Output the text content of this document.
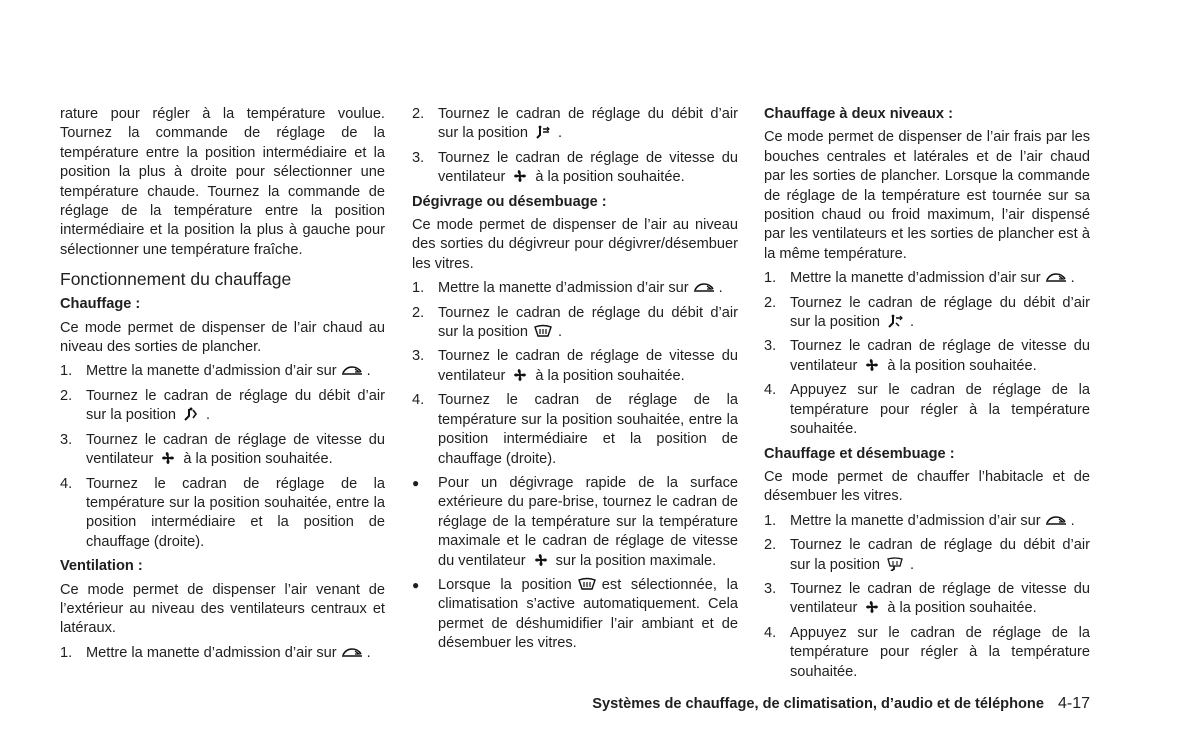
rature pour régler à la température voulue. Tournez la commande de réglage de la température entre la position intermédiaire et la position la plus à droite pour sélectionner une température chaude. Tournez la commande de réglage de la température entre la position intermédiaire et la position la plus à gauche pour sélectionner une température fraîche.

Fonctionnement du chauffage
Chauffage :

Ce mode permet de dispenser de l’air chaud au niveau des sorties de plancher.

1. Mettre la manette d’admission d’air sur .
2. Tournez le cadran de réglage du débit d’air sur la position .
3. Tournez le cadran de réglage de vitesse du ventilateur à la position souhaitée.
4. Tournez le cadran de réglage de la température sur la position souhaitée, entre la position intermédiaire et la position de chauffage (droite).
Ventilation :

Ce mode permet de dispenser l’air venant de l’extérieur au niveau des ventilateurs centraux et latéraux.

1. Mettre la manette d’admission d’air sur .
2. Tournez le cadran de réglage du débit d’air sur la position .
3. Tournez le cadran de réglage de vitesse du ventilateur à la position souhaitée.
Dégivrage ou désembuage :

Ce mode permet de dispenser de l’air au niveau des sorties du dégivreur pour dégivrer/désembuer les vitres.

1. Mettre la manette d’admission d’air sur .
2. Tournez le cadran de réglage du débit d’air sur la position .
3. Tournez le cadran de réglage de vitesse du ventilateur à la position souhaitée.
4. Tournez le cadran de réglage de la température sur la position souhaitée, entre la position intermédiaire et la position de chauffage (droite).
● Pour un dégivrage rapide de la surface extérieure du pare-brise, tournez le cadran de réglage de la température sur la température maximale et le cadran de réglage de vitesse du ventilateur sur la position maximale.
● Lorsque la position est sélectionnée, la climatisation s’active automatiquement. Cela permet de déshumidifier l’air ambiant et de désembuer les vitres.
Chauffage à deux niveaux :

Ce mode permet de dispenser de l’air frais par les bouches centrales et latérales et de l’air chaud par les sorties de plancher. Lorsque la commande de réglage de la température est tournée sur sa position chaud ou froid maximum, l’air dispensé par les ventilateurs et les sorties de plancher est à la même température.

1. Mettre la manette d’admission d’air sur .
2. Tournez le cadran de réglage du débit d’air sur la position .
3. Tournez le cadran de réglage de vitesse du ventilateur à la position souhaitée.
4. Appuyez sur le cadran de réglage de la température pour régler à la température souhaitée.
Chauffage et désembuage :

Ce mode permet de chauffer l’habitacle et de désembuer les vitres.

1. Mettre la manette d’admission d’air sur .
2. Tournez le cadran de réglage du débit d’air sur la position .
3. Tournez le cadran de réglage de vitesse du ventilateur à la position souhaitée.
4. Appuyez sur le cadran de réglage de la température pour régler à la température souhaitée.
Systèmes de chauffage, de climatisation, d’audio et de téléphone 4-17
